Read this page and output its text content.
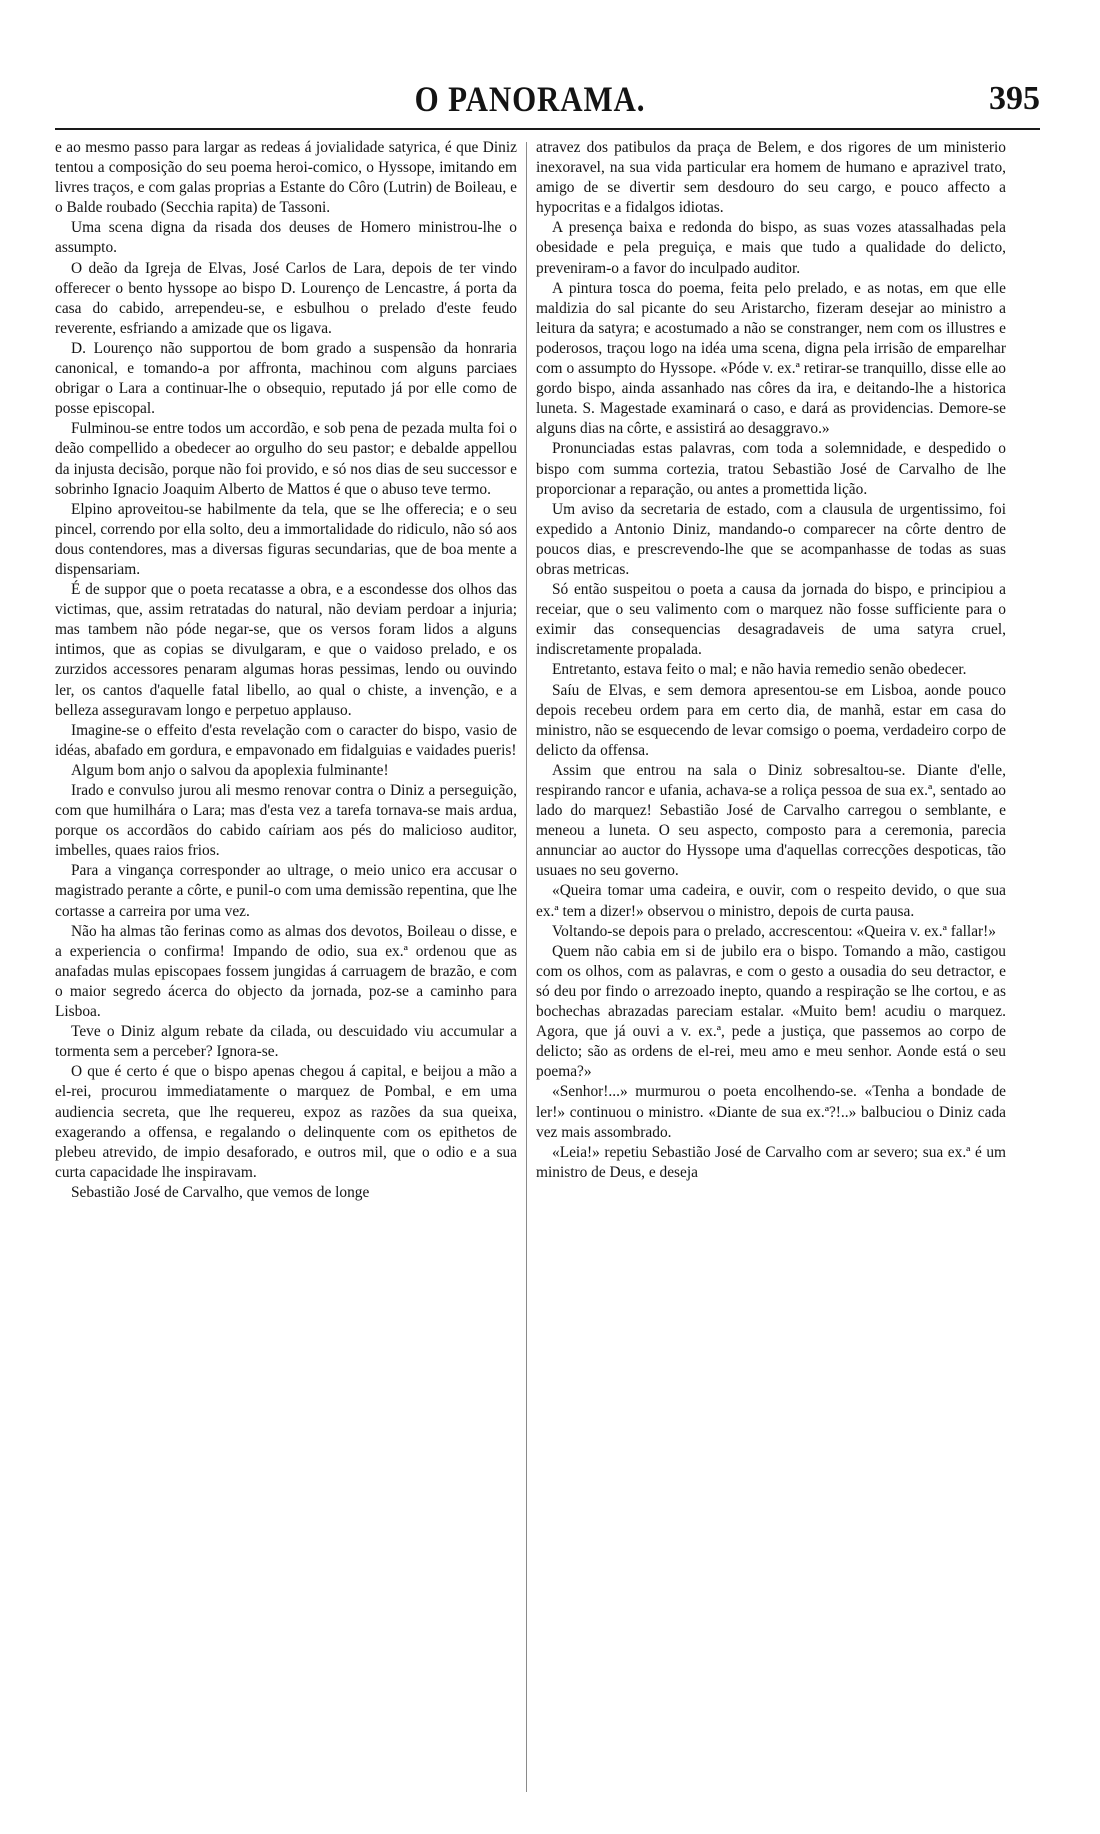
O PANORAMA.	395

e ao mesmo passo para largar as redeas á jovialidade satyrica, é que Diniz tentou a composição do seu poema heroi-comico, o Hyssope, imitando em livres traços, e com galas proprias a Estante do Côro (Lutrin) de Boileau, e o Balde roubado (Secchia rapita) de Tassoni.

Uma scena digna da risada dos deuses de Homero ministrou-lhe o assumpto.

O deão da Igreja de Elvas, José Carlos de Lara, depois de ter vindo offerecer o bento hyssope ao bispo D. Lourenço de Lencastre, á porta da casa do cabido, arrependeu-se, e esbulhou o prelado d'este feudo reverente, esfriando a amizade que os ligava.

D. Lourenço não supportou de bom grado a suspensão da honraria canonical, e tomando-a por affronta, machinou com alguns parciaes obrigar o Lara a continuar-lhe o obsequio, reputado já por elle como de posse episcopal.

Fulminou-se entre todos um accordão, e sob pena de pezada multa foi o deão compellido a obedecer ao orgulho do seu pastor; e debalde appellou da injusta decisão, porque não foi provido, e só nos dias de seu successor e sobrinho Ignacio Joaquim Alberto de Mattos é que o abuso teve termo.

Elpino aproveitou-se habilmente da tela, que se lhe offerecia; e o seu pincel, correndo por ella solto, deu a immortalidade do ridiculo, não só aos dous contendores, mas a diversas figuras secundarias, que de boa mente a dispensariam.

É de suppor que o poeta recatasse a obra, e a escondesse dos olhos das victimas, que, assim retratadas do natural, não deviam perdoar a injuria; mas tambem não póde negar-se, que os versos foram lidos a alguns intimos, que as copias se divulgaram, e que o vaidoso prelado, e os zurzidos accessores penaram algumas horas pessimas, lendo ou ouvindo ler, os cantos d'aquelle fatal libello, ao qual o chiste, a invenção, e a belleza asseguravam longo e perpetuo applauso.

Imagine-se o effeito d'esta revelação com o caracter do bispo, vasio de idéas, abafado em gordura, e empavonado em fidalguias e vaidades pueris!

Algum bom anjo o salvou da apoplexia fulminante!

Irado e convulso jurou ali mesmo renovar contra o Diniz a perseguição, com que humilhára o Lara; mas d'esta vez a tarefa tornava-se mais ardua, porque os accordãos do cabido caíriam aos pés do malicioso auditor, imbelles, quaes raios frios.

Para a vingança corresponder ao ultrage, o meio unico era accusar o magistrado perante a côrte, e punil-o com uma demissão repentina, que lhe cortasse a carreira por uma vez.

Não ha almas tão ferinas como as almas dos devotos, Boileau o disse, e a experiencia o confirma! Impando de odio, sua ex.ª ordenou que as anafadas mulas episcopaes fossem jungidas á carruagem de brazão, e com o maior segredo ácerca do objecto da jornada, poz-se a caminho para Lisboa.

Teve o Diniz algum rebate da cilada, ou descuidado viu accumular a tormenta sem a perceber? Ignora-se.

O que é certo é que o bispo apenas chegou á capital, e beijou a mão a el-rei, procurou immediatamente o marquez de Pombal, e em uma audiencia secreta, que lhe requereu, expoz as razões da sua queixa, exagerando a offensa, e regalando o delinquente com os epithetos de plebeu atrevido, de impio desaforado, e outros mil, que o odio e a sua curta capacidade lhe inspiravam.

Sebastião José de Carvalho, que vemos de longe

atravez dos patibulos da praça de Belem, e dos rigores de um ministerio inexoravel, na sua vida particular era homem de humano e aprazivel trato, amigo de se divertir sem desdouro do seu cargo, e pouco affecto a hypocritas e a fidalgos idiotas.

A presença baixa e redonda do bispo, as suas vozes atassalhadas pela obesidade e pela preguiça, e mais que tudo a qualidade do delicto, preveniram-o a favor do inculpado auditor.

A pintura tosca do poema, feita pelo prelado, e as notas, em que elle maldizia do sal picante do seu Aristarcho, fizeram desejar ao ministro a leitura da satyra; e acostumado a não se constranger, nem com os illustres e poderosos, traçou logo na idéa uma scena, digna pela irrisão de emparelhar com o assumpto do Hyssope. «Póde v. ex.ª retirar-se tranquillo, disse elle ao gordo bispo, ainda assanhado nas côres da ira, e deitando-lhe a historica luneta. S. Magestade examinará o caso, e dará as providencias. Demore-se alguns dias na côrte, e assistirá ao desaggravo.»

Pronunciadas estas palavras, com toda a solemnidade, e despedido o bispo com summa cortezia, tratou Sebastião José de Carvalho de lhe proporcionar a reparação, ou antes a promettida lição.

Um aviso da secretaria de estado, com a clausula de urgentissimo, foi expedido a Antonio Diniz, mandando-o comparecer na côrte dentro de poucos dias, e prescrevendo-lhe que se acompanhasse de todas as suas obras metricas.

Só então suspeitou o poeta a causa da jornada do bispo, e principiou a receiar, que o seu valimento com o marquez não fosse sufficiente para o eximir das consequencias desagradaveis de uma satyra cruel, indiscretamente propalada.

Entretanto, estava feito o mal; e não havia remedio senão obedecer.

Saíu de Elvas, e sem demora apresentou-se em Lisboa, aonde pouco depois recebeu ordem para em certo dia, de manhã, estar em casa do ministro, não se esquecendo de levar comsigo o poema, verdadeiro corpo de delicto da offensa.

Assim que entrou na sala o Diniz sobresaltou-se. Diante d'elle, respirando rancor e ufania, achava-se a roliça pessoa de sua ex.ª, sentado ao lado do marquez! Sebastião José de Carvalho carregou o semblante, e meneou a luneta. O seu aspecto, composto para a ceremonia, parecia annunciar ao auctor do Hyssope uma d'aquellas correcções despoticas, tão usuaes no seu governo.

«Queira tomar uma cadeira, e ouvir, com o respeito devido, o que sua ex.ª tem a dizer!» observou o ministro, depois de curta pausa.

Voltando-se depois para o prelado, accrescentou: «Queira v. ex.ª fallar!»

Quem não cabia em si de jubilo era o bispo. Tomando a mão, castigou com os olhos, com as palavras, e com o gesto a ousadia do seu detractor, e só deu por findo o arrezoado inepto, quando a respiração se lhe cortou, e as bochechas abrazadas pareciam estalar. «Muito bem! acudiu o marquez. Agora, que já ouvi a v. ex.ª, pede a justiça, que passemos ao corpo de delicto; são as ordens de el-rei, meu amo e meu senhor. Aonde está o seu poema?»

«Senhor!...» murmurou o poeta encolhendo-se. «Tenha a bondade de ler!» continuou o ministro. «Diante de sua ex.ª?!..» balbuciou o Diniz cada vez mais assombrado.

«Leia!» repetiu Sebastião José de Carvalho com ar severo; sua ex.ª é um ministro de Deus, e deseja
